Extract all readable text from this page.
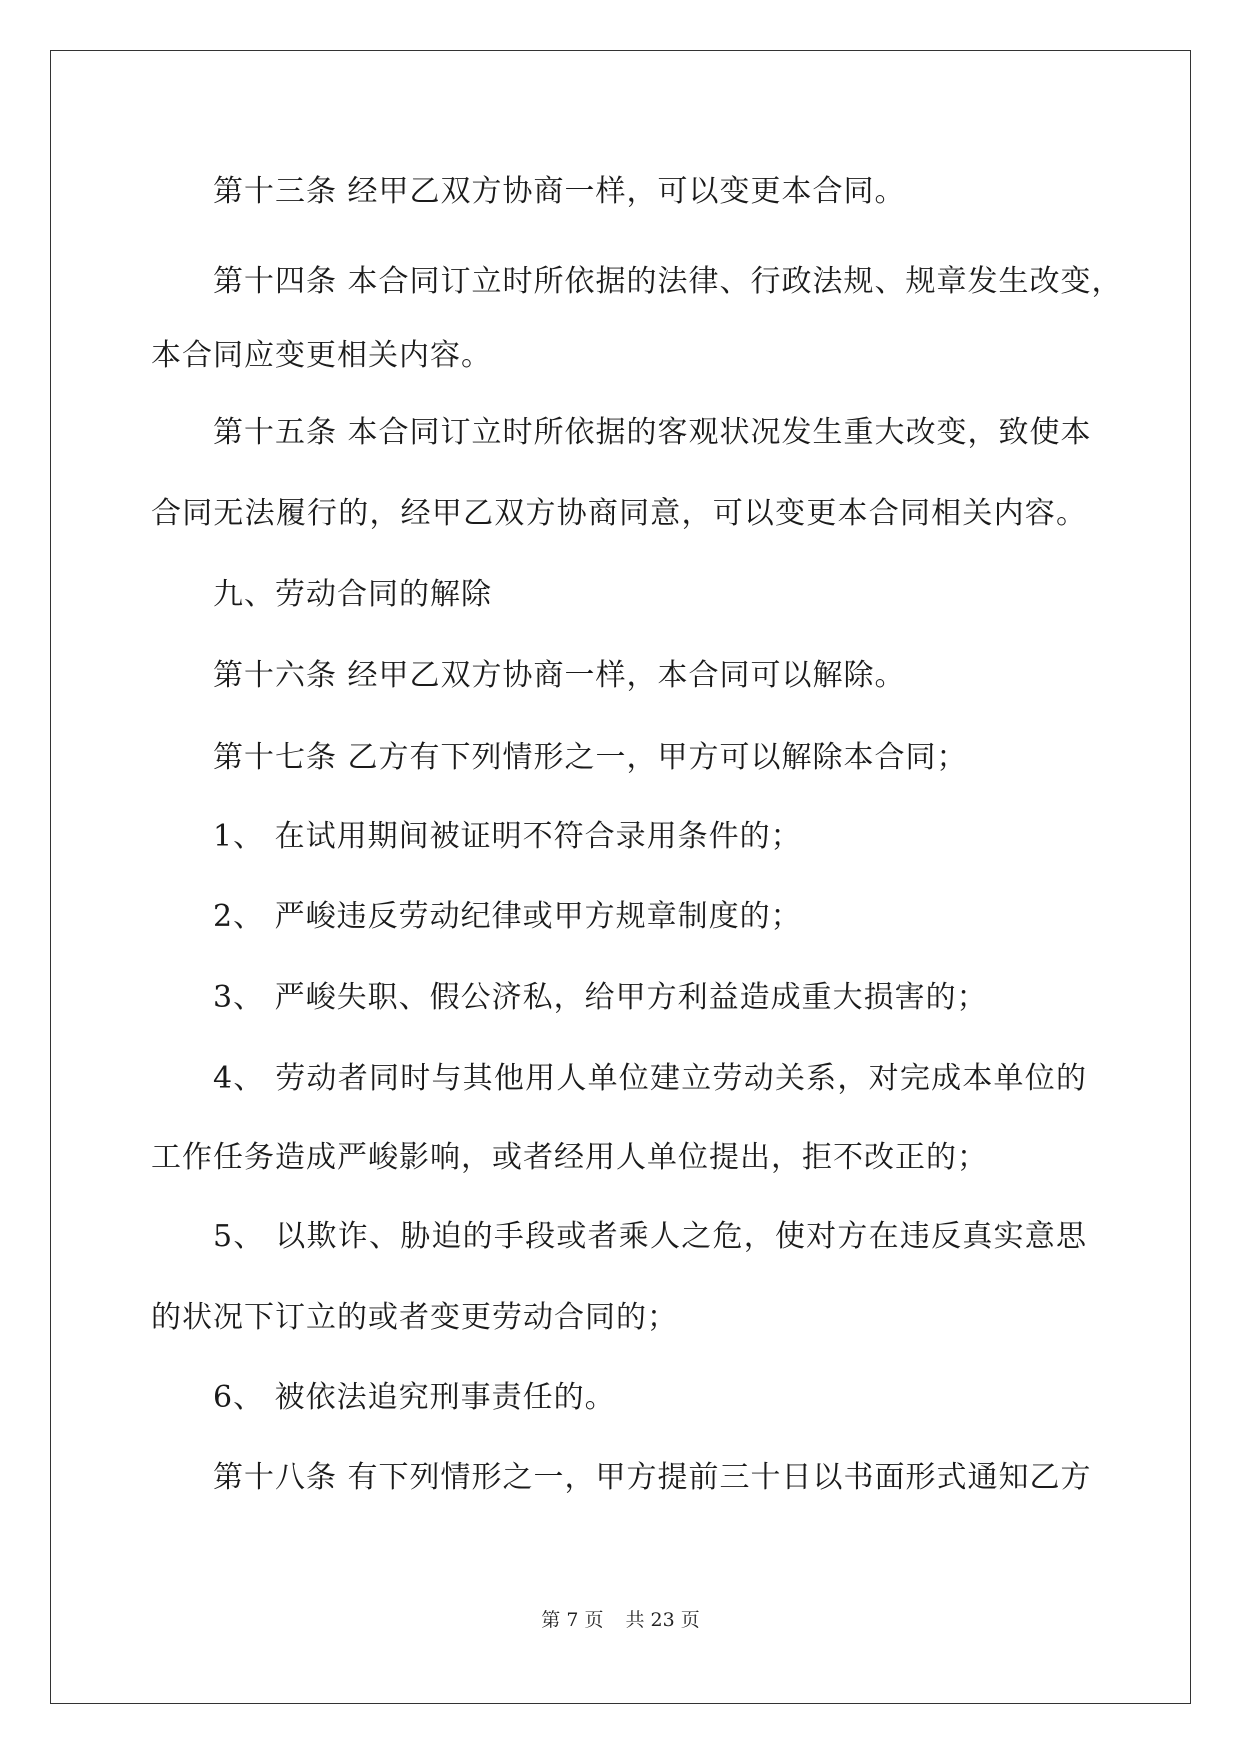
第十三条 经甲乙双方协商一样，可以变更本合同。
第十四条 本合同订立时所依据的法律、行政法规、规章发生改变，
本合同应变更相关内容。
第十五条 本合同订立时所依据的客观状况发生重大改变，致使本
合同无法履行的，经甲乙双方协商同意，可以变更本合同相关内容。
九、劳动合同的解除
第十六条 经甲乙双方协商一样，本合同可以解除。
第十七条 乙方有下列情形之一，甲方可以解除本合同；
1、 在试用期间被证明不符合录用条件的；
2、 严峻违反劳动纪律或甲方规章制度的；
3、 严峻失职、假公济私，给甲方利益造成重大损害的；
4、 劳动者同时与其他用人单位建立劳动关系，对完成本单位的
工作任务造成严峻影响，或者经用人单位提出，拒不改正的；
5、 以欺诈、胁迫的手段或者乘人之危，使对方在违反真实意思
的状况下订立的或者变更劳动合同的；
6、 被依法追究刑事责任的。
第十八条 有下列情形之一，甲方提前三十日以书面形式通知乙方
第 7 页 共 23 页
